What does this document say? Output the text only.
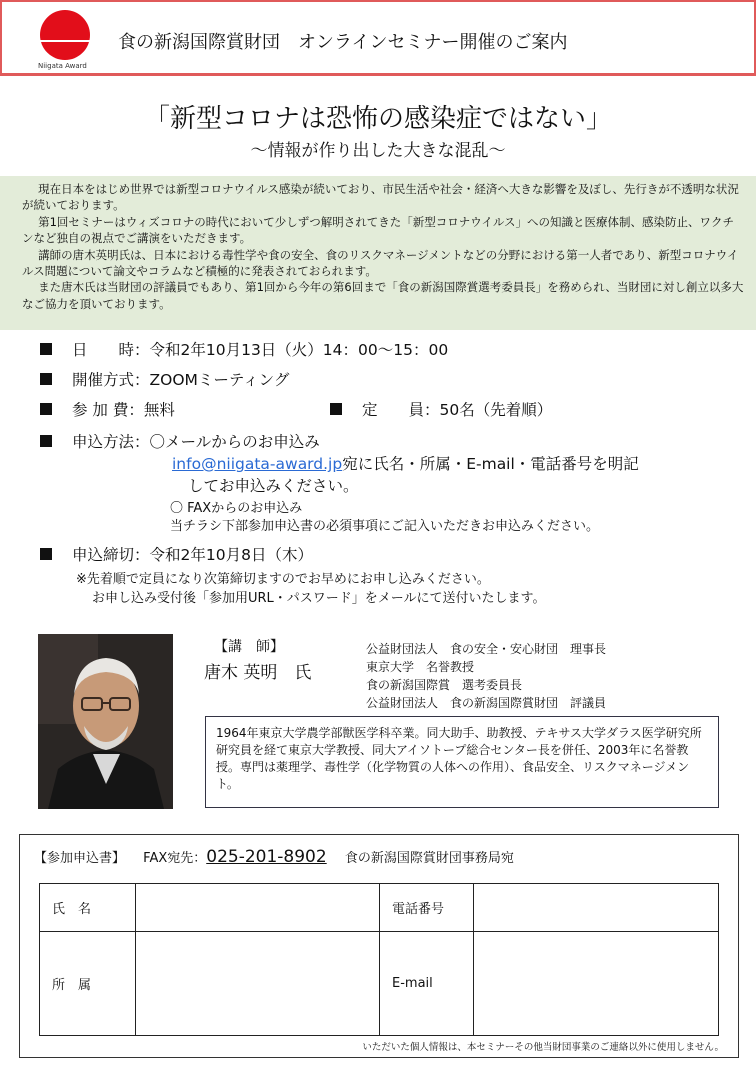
Niigata Award
食の新潟国際賞財団　オンラインセミナー開催のご案内
「新型コロナは恐怖の感染症ではない」
～情報が作り出した大きな混乱～

現在日本をはじめ世界では新型コロナウイルス感染が続いており、市民生活や社会・経済へ大きな影響を及ぼし、先行きが不透明な状況が続いております。

第1回セミナーはウィズコロナの時代において少しずつ解明されてきた「新型コロナウイルス」への知識と医療体制、感染防止、ワクチンなど独自の視点でご講演をいただきます。

講師の唐木英明氏は、日本における毒性学や食の安全、食のリスクマネージメントなどの分野における第一人者であり、新型コロナウイルス問題について論文やコラムなど積極的に発表されておられます。

また唐木氏は当財団の評議員でもあり、第1回から今年の第6回まで「食の新潟国際賞選考委員長」を務められ、当財団に対し創立以多大なご協力を頂いております。

日　　時：令和2年10月13日（火）14：00～15：00
開催方式：ZOOMミーティング
参 加 費：無料	定　　員：50名（先着順）
申込方法：〇メールからのお申込み
info@niigata-award.jp宛に氏名・所属・E-mail・電話番号を明記
してお申込みください。
〇 FAXからのお申込み
当チラシ下部参加申込書の必須事項にご記入いただきお申込みください。
申込締切：令和2年10月8日（木）
※先着順で定員になり次第締切ますのでお早めにお申し込みください。
お申し込み受付後「参加用URL・パスワード」をメールにて送付いたします。
【講　師】
唐木 英明　氏
公益財団法人　食の安全・安心財団　理事長
東京大学　名誉教授
食の新潟国際賞　選考委員長
公益財団法人　食の新潟国際賞財団　評議員
1964年東京大学農学部獣医学科卒業。同大助手、助教授、テキサス大学ダラス医学研究所研究員を経て東京大学教授、同大アイソトープ総合センター長を併任、2003年に名誉教授。専門は薬理学、毒性学（化学物質の人体への作用）、食品安全、リスクマネージメント。
【参加申込書】 FAX宛先：025-201-8902 食の新潟国際賞財団事務局宛
氏　名		電話番号	
所　属		E-mail	
いただいた個人情報は、本セミナーその他当財団事業のご連絡以外に使用しません。
